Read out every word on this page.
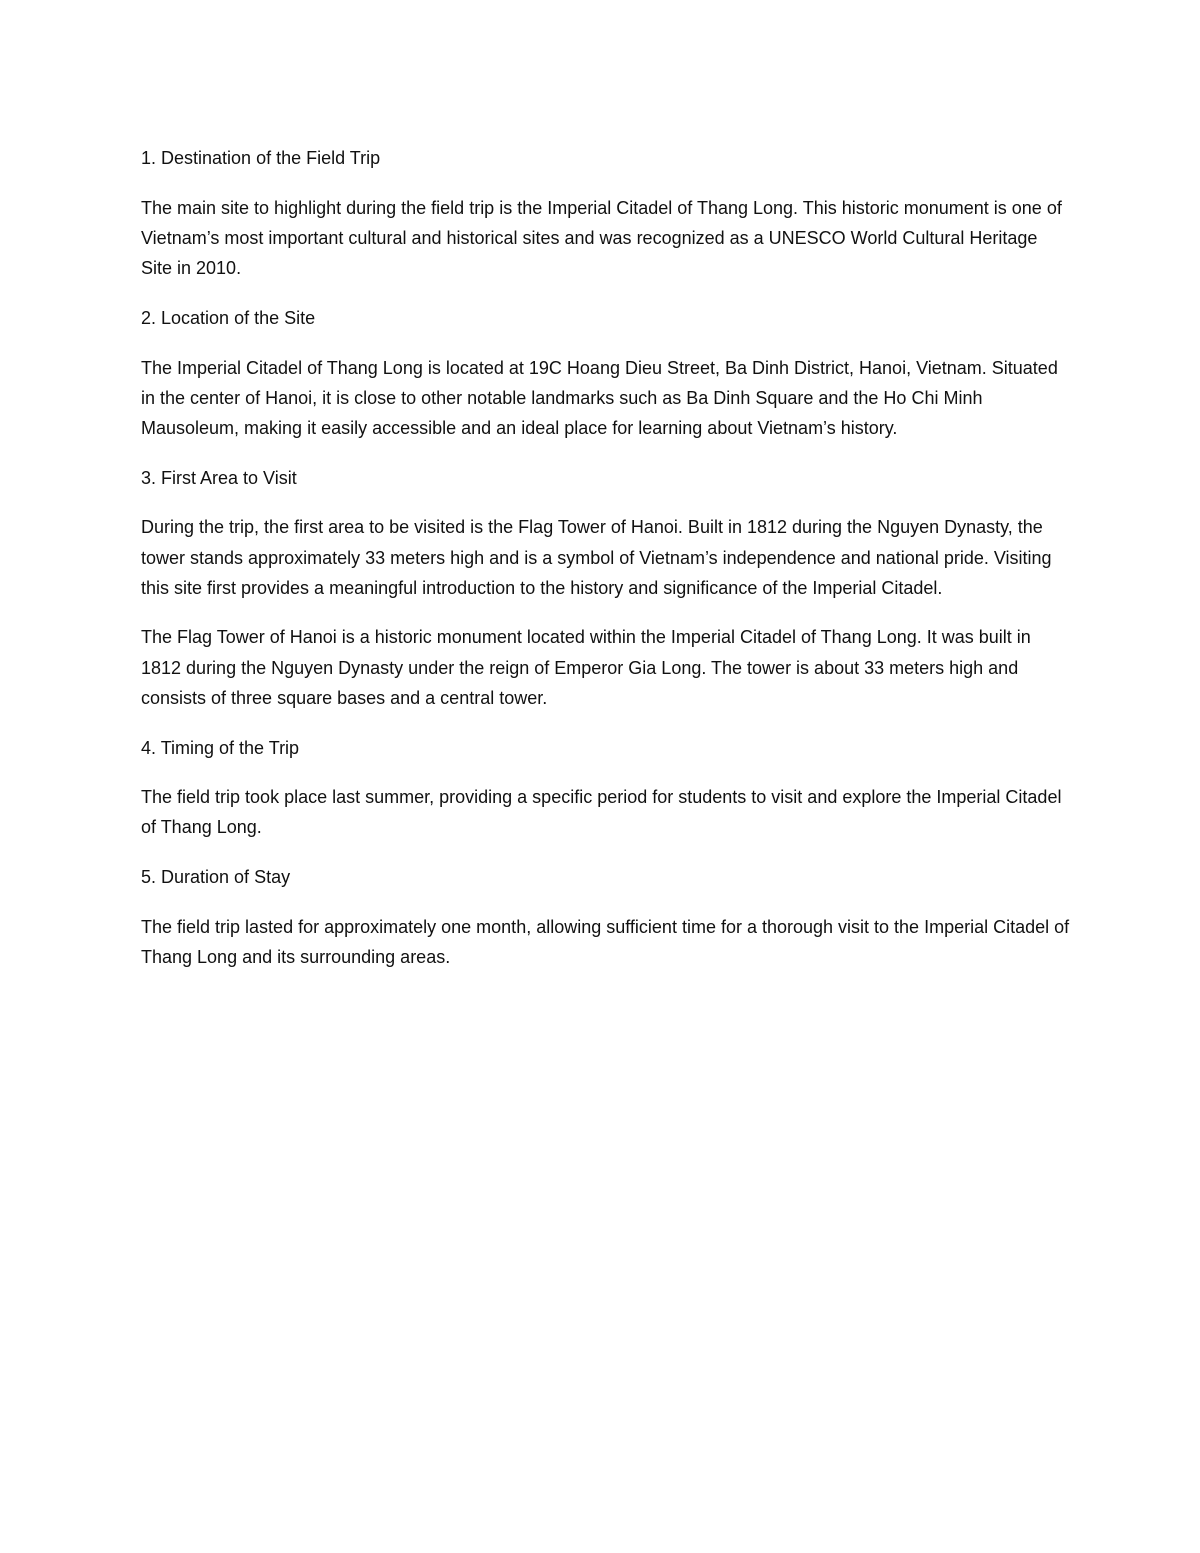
1. Destination of the Field Trip

The main site to highlight during the field trip is the Imperial Citadel of Thang Long. This historic monument is one of Vietnam’s most important cultural and historical sites and was recognized as a UNESCO World Cultural Heritage Site in 2010.

2. Location of the Site

The Imperial Citadel of Thang Long is located at 19C Hoang Dieu Street, Ba Dinh District, Hanoi, Vietnam. Situated in the center of Hanoi, it is close to other notable landmarks such as Ba Dinh Square and the Ho Chi Minh Mausoleum, making it easily accessible and an ideal place for learning about Vietnam’s history.

3. First Area to Visit

During the trip, the first area to be visited is the Flag Tower of Hanoi. Built in 1812 during the Nguyen Dynasty, the tower stands approximately 33 meters high and is a symbol of Vietnam’s independence and national pride. Visiting this site first provides a meaningful introduction to the history and significance of the Imperial Citadel.

The Flag Tower of Hanoi is a historic monument located within the Imperial Citadel of Thang Long. It was built in 1812 during the Nguyen Dynasty under the reign of Emperor Gia Long. The tower is about 33 meters high and consists of three square bases and a central tower.

4. Timing of the Trip

The field trip took place last summer, providing a specific period for students to visit and explore the Imperial Citadel of Thang Long.

5. Duration of Stay

The field trip lasted for approximately one month, allowing sufficient time for a thorough visit to the Imperial Citadel of Thang Long and its surrounding areas.
